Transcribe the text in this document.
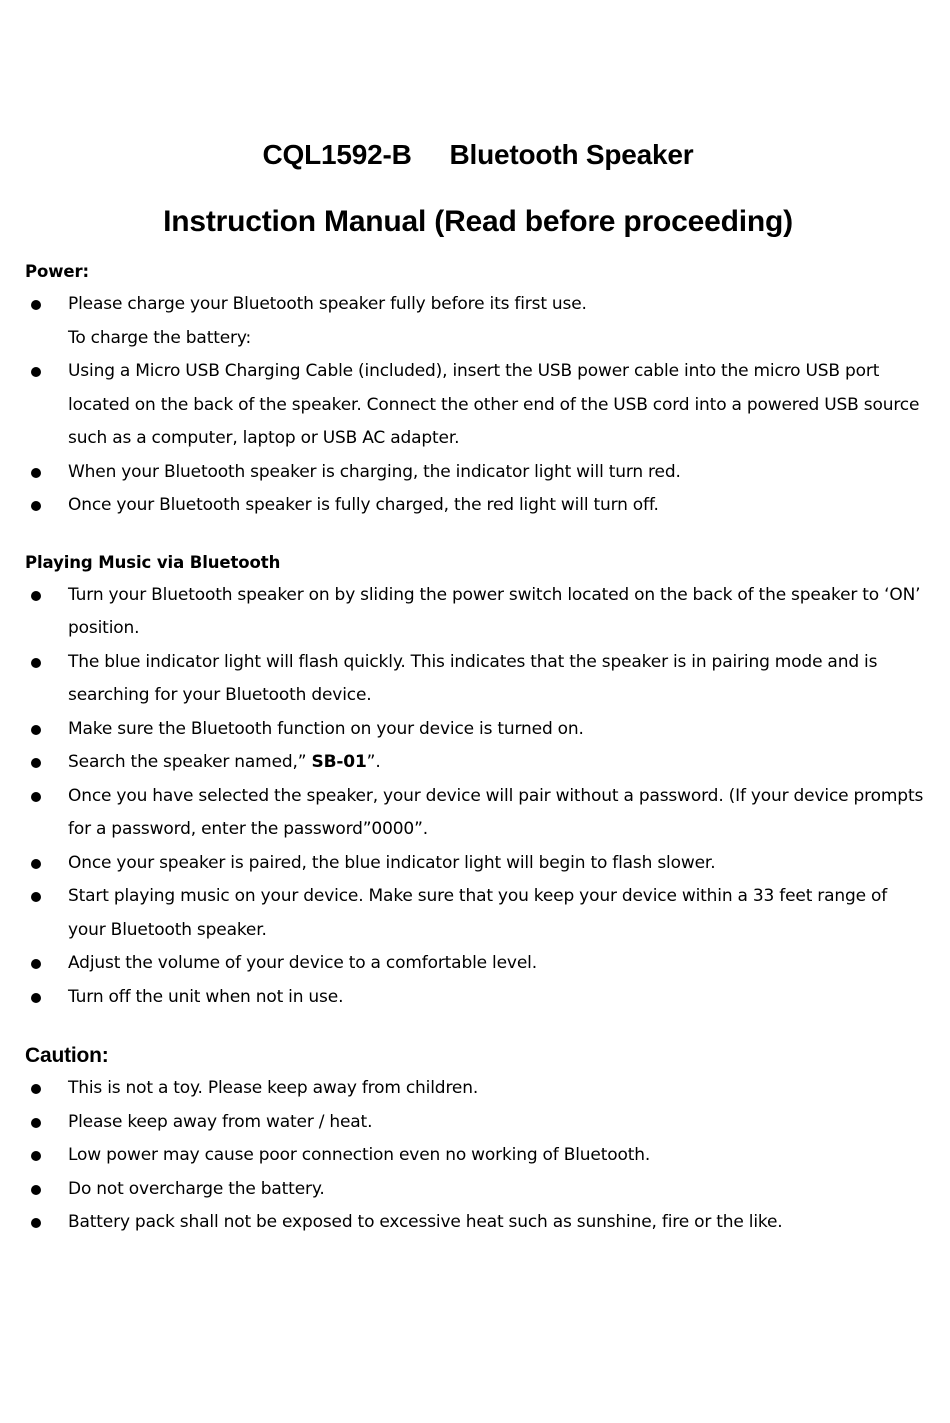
CQL1592-B     Bluetooth Speaker
Instruction Manual (Read before proceeding)
Power:
Please charge your Bluetooth speaker fully before its first use.
To charge the battery:
Using a Micro USB Charging Cable (included), insert the USB power cable into the micro USB port located on the back of the speaker. Connect the other end of the USB cord into a powered USB source such as a computer, laptop or USB AC adapter.
When your Bluetooth speaker is charging, the indicator light will turn red.
Once your Bluetooth speaker is fully charged, the red light will turn off.
Playing Music via Bluetooth
Turn your Bluetooth speaker on by sliding the power switch located on the back of the speaker to ‘ON’ position.
The blue indicator light will flash quickly. This indicates that the speaker is in pairing mode and is searching for your Bluetooth device.
Make sure the Bluetooth function on your device is turned on.
Search the speaker named,” SB-01”.
Once you have selected the speaker, your device will pair without a password. (If your device prompts for a password, enter the password”0000”.
Once your speaker is paired, the blue indicator light will begin to flash slower.
Start playing music on your device. Make sure that you keep your device within a 33 feet range of your Bluetooth speaker.
Adjust the volume of your device to a comfortable level.
Turn off the unit when not in use.
Caution:
This is not a toy. Please keep away from children.
Please keep away from water / heat.
Low power may cause poor connection even no working of Bluetooth.
Do not overcharge the battery.
Battery pack shall not be exposed to excessive heat such as sunshine, fire or the like.
